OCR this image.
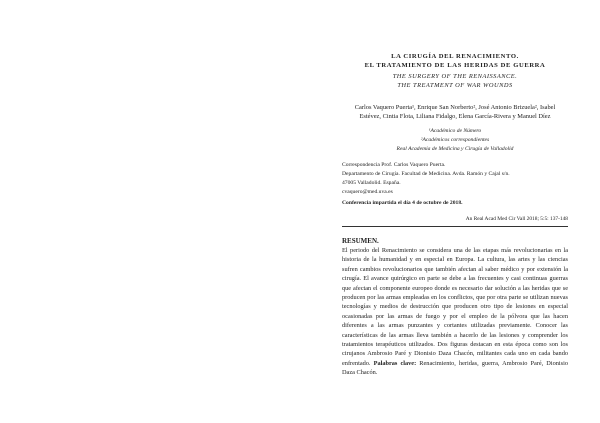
LA CIRUGÍA DEL RENACIMIENTO.
EL TRATAMIENTO DE LAS HERIDAS DE GUERRA
THE SURGERY OF THE RENAISSANCE.
THE TREATMENT OF WAR WOUNDS
Carlos Vaquero Puerta¹, Enrique San Norberto², José Antonio Brizuela², Isabel
Estévez, Cintia Flota, Liliana Fidalgo, Elena García-Rivera y Manuel Díez
¹Académico de Número
²Académicos correspondientes
Real Academia de Medicina y Cirugía de Valladolid
Correspondencia Prof. Carlos Vaquero Puerta.
Departamento de Cirugía. Facultad de Medicina. Avda. Ramón y Cajal s/n.
47005 Valladolid. España.
cvaquero@med.uva.es
Conferencia impartida el día 4 de octubre de 2018.
An Real Acad Med Cir Vall 2018; 5:5: 137-148
RESUMEN.
El periodo del Renacimiento se considera una de las etapas más revolucionarias en la historia de la humanidad y en especial en Europa. La cultura, las artes y las ciencias sufren cambios revolucionarios que también afectan al saber médico y por extensión la cirugía. El avance quirúrgico en parte se debe a las frecuentes y casi continuas guerras que afectan el componente europeo donde es necesario dar solución a las heridas que se producen por las armas empleadas en los conflictos, que por otra parte se utilizan nuevas tecnologías y medios de destrucción que producen otro tipo de lesiones en especial ocasionadas por las armas de fuego y por el empleo de la pólvora que las hacen diferentes a las armas punzantes y cortantes utilizadas previamente. Conocer las características de las armas lleva también a hacerlo de las lesiones y comprender los tratamientos terapéuticos utilizados. Dos figuras destacan en esta época como son los cirujanos Ambrosio Paré y Dionisio Daza Chacón, militantes cada uno en cada bando enfrentado. Palabras clave: Renacimiento, heridas, guerra, Ambrosio Paré, Dionisio Daza Chacón.
